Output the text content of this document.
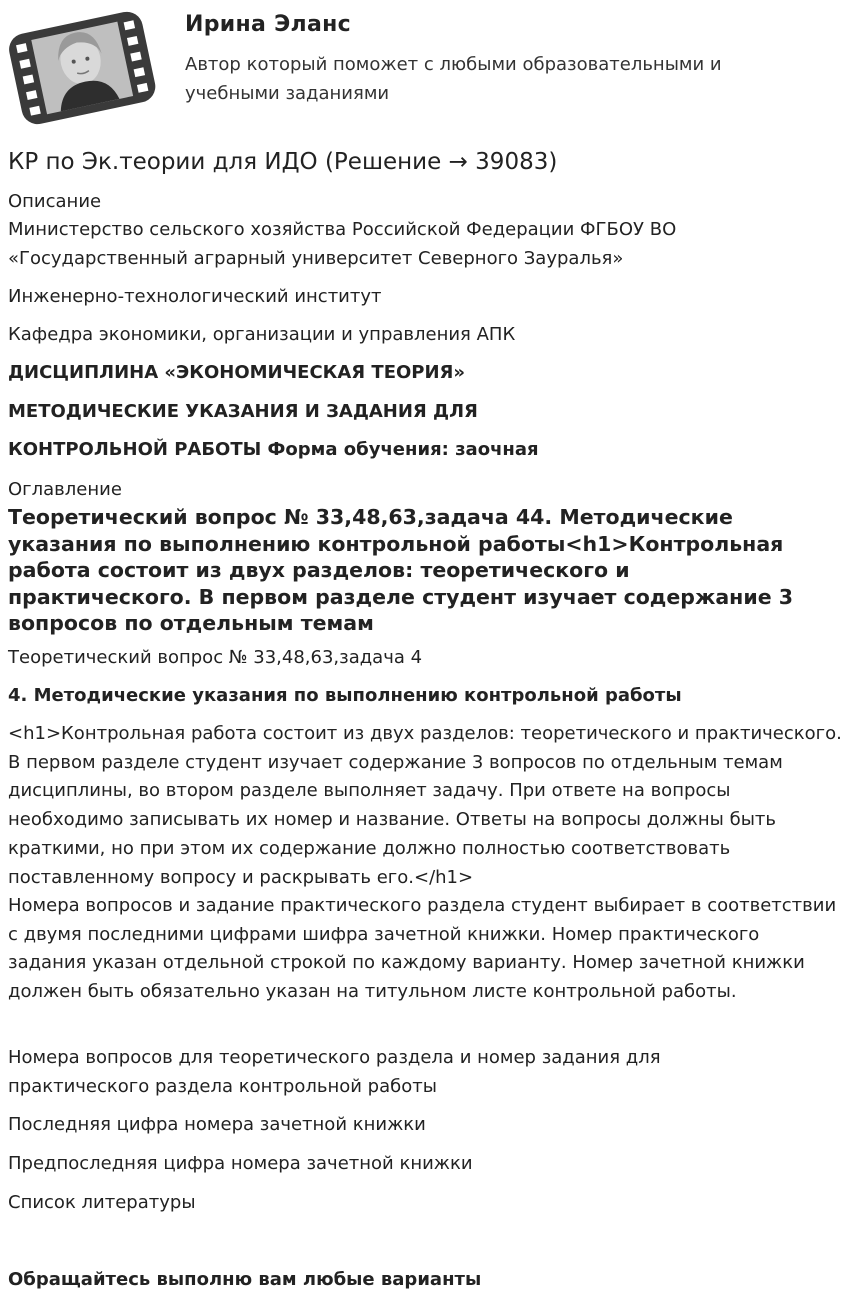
Ирина Эланс
Автор который поможет с любыми образовательными и учебными заданиями
КР по Эк.теории для ИДО (Решение → 39083)
Описание
Министерство сельского хозяйства Российской Федерации ФГБОУ ВО «Государственный аграрный университет Северного Зауралья»
Инженерно-технологический институт
Кафедра экономики, организации и управления АПК
ДИСЦИПЛИНА «ЭКОНОМИЧЕСКАЯ ТЕОРИЯ»
МЕТОДИЧЕСКИЕ УКАЗАНИЯ И ЗАДАНИЯ ДЛЯ
КОНТРОЛЬНОЙ РАБОТЫ Форма обучения: заочная
Оглавление
Теоретический вопрос № 33,48,63,задача 44. Методические указания по выполнению контрольной работы<h1>Контрольная работа состоит из двух разделов: теоретического и практического. В первом разделе студент изучает содержание 3 вопросов по отдельным темам
Теоретический вопрос № 33,48,63,задача 4
4. Методические указания по выполнению контрольной работы
<h1>Контрольная работа состоит из двух разделов: теоретического и практического. В первом разделе студент изучает содержание 3 вопросов по отдельным темам дисциплины, во втором разделе выполняет задачу. При ответе на вопросы необходимо записывать их номер и название. Ответы на вопросы должны быть краткими, но при этом их содержание должно полностью соответствовать поставленному вопросу и раскрывать его.</h1>
Номера вопросов и задание практического раздела студент выбирает в соответствии с двумя последними цифрами шифра зачетной книжки. Номер практического задания указан отдельной строкой по каждому варианту. Номер зачетной книжки должен быть обязательно указан на титульном листе контрольной работы.
Номера вопросов для теоретического раздела и номер задания для практического раздела контрольной работы
Последняя цифра номера зачетной книжки
Предпоследняя цифра номера зачетной книжки
Список литературы
Обращайтесь выполню вам любые варианты
